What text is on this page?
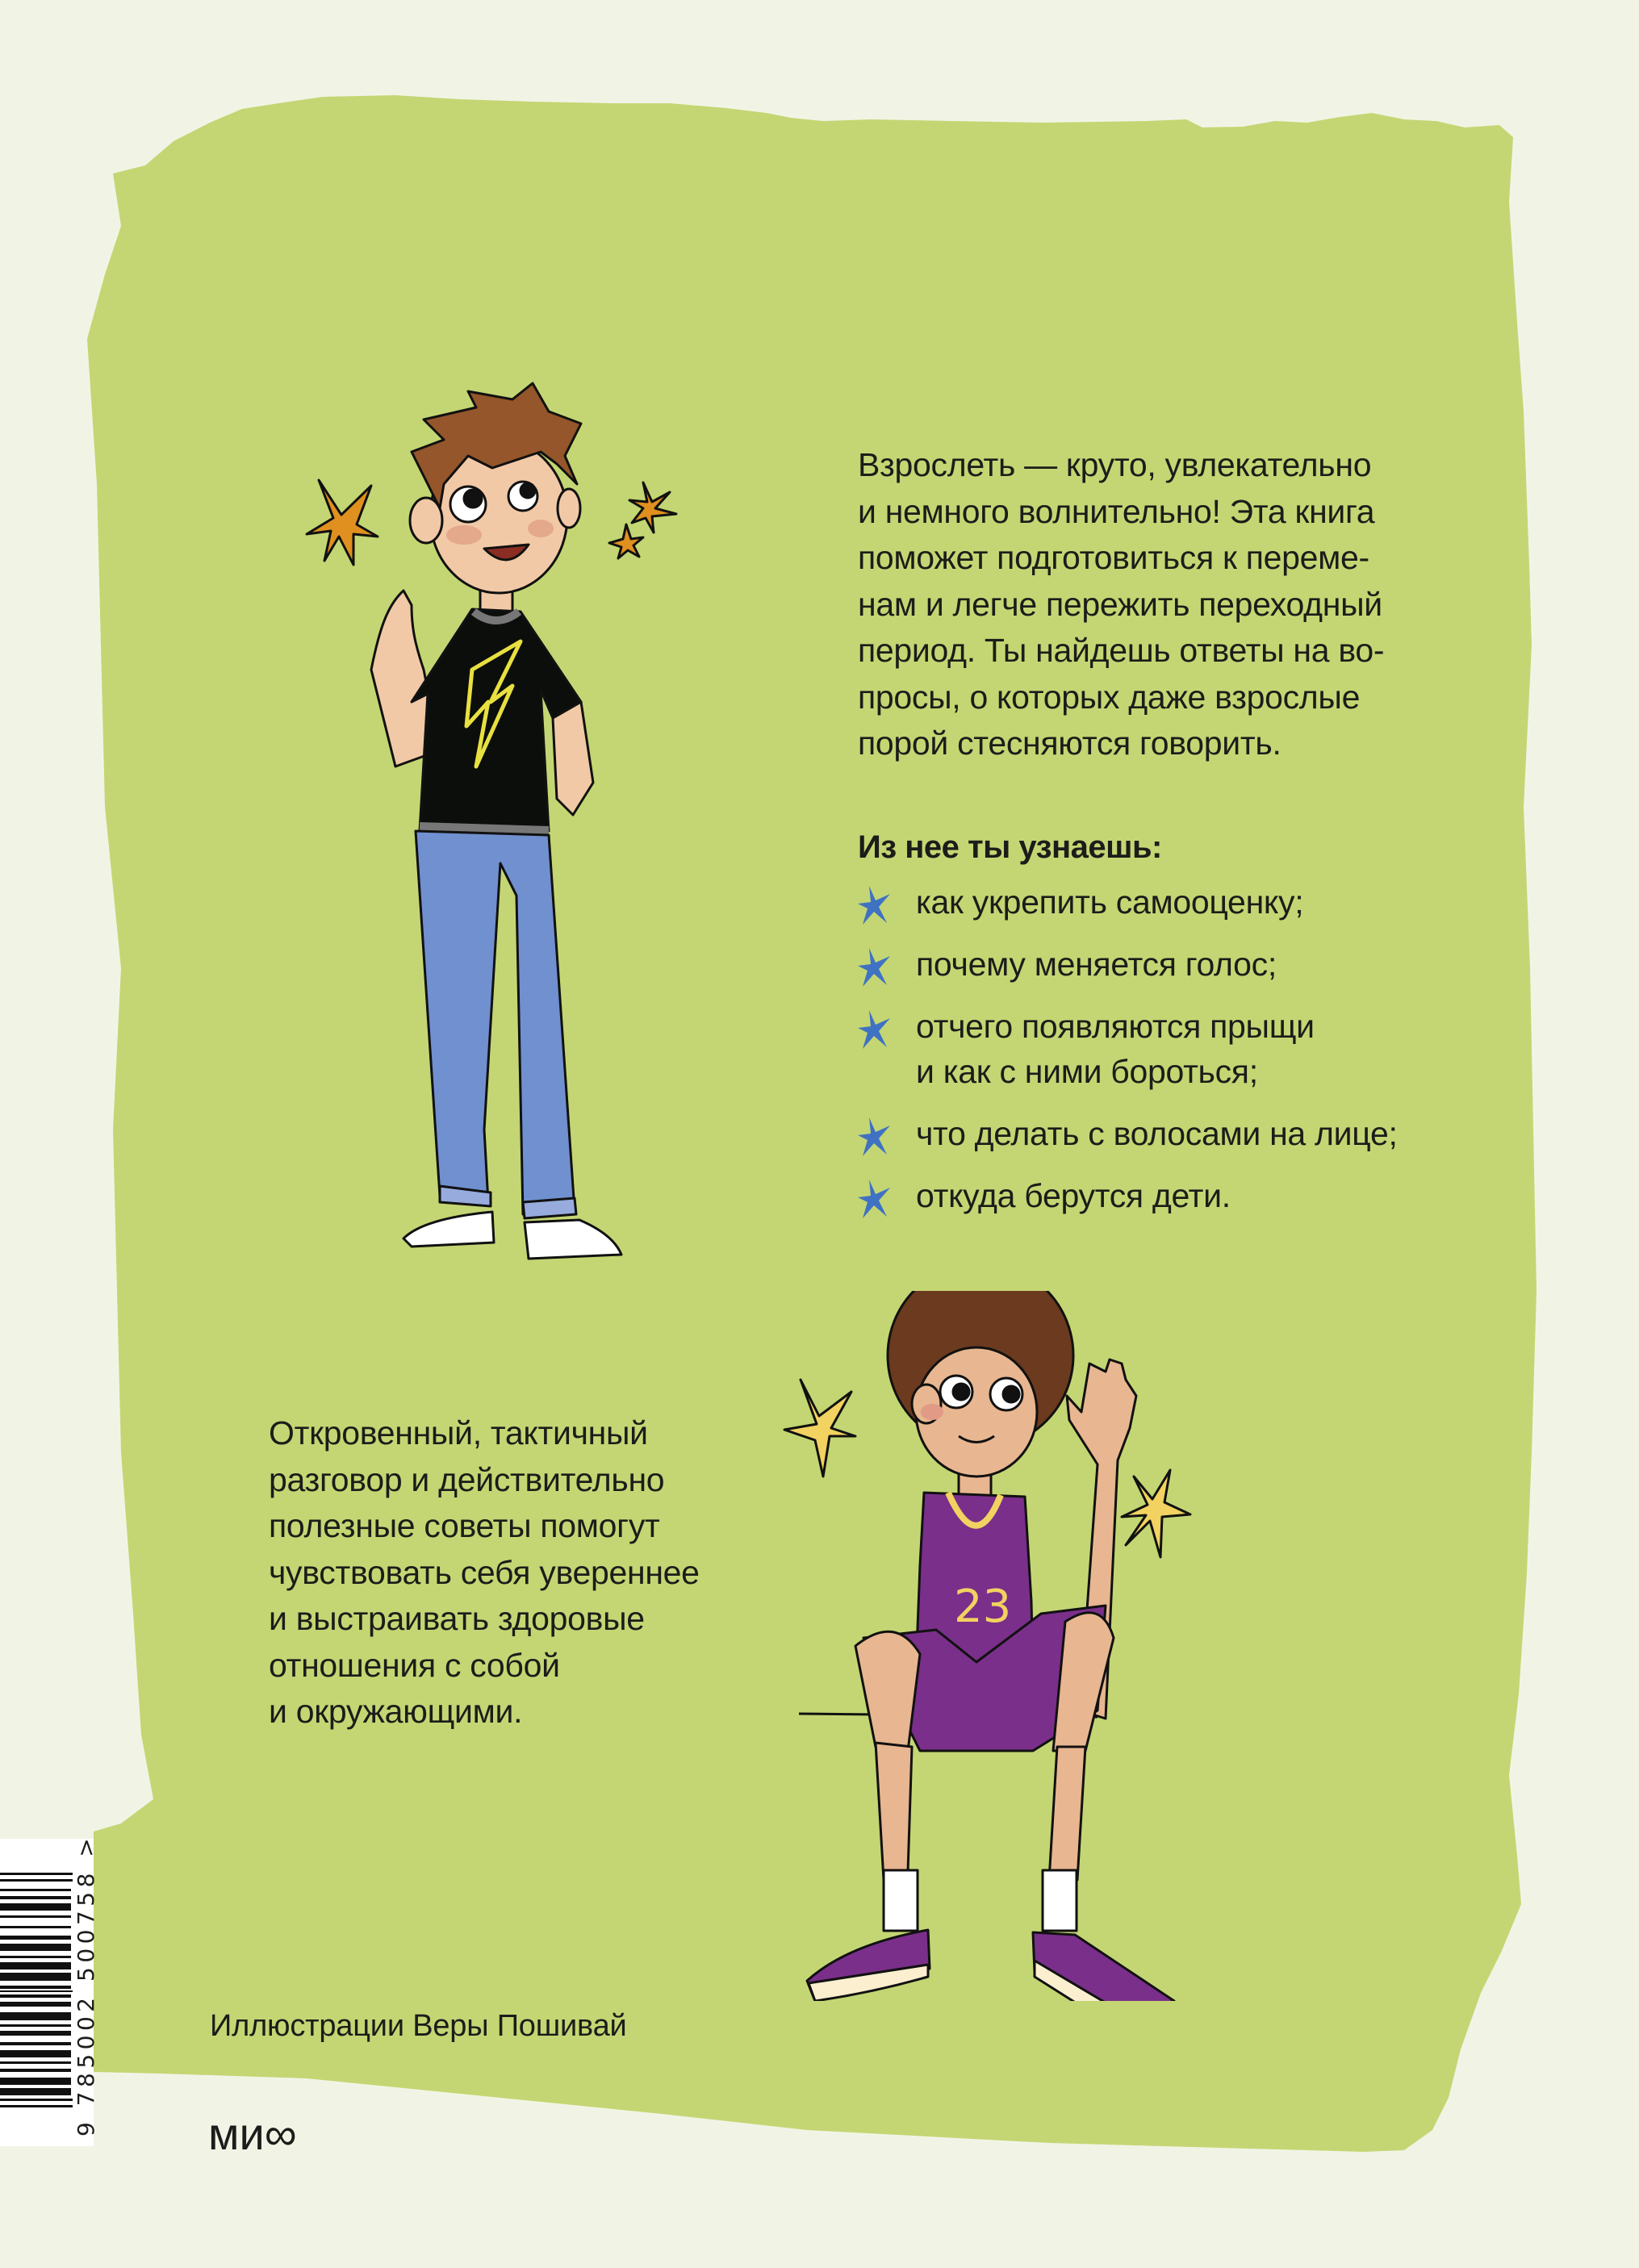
23
Взрослеть — круто, увлекательно
и немного волнительно! Эта книга
поможет подготовиться к переме-
нам и легче пережить переходный
период. Ты найдешь ответы на во-
просы, о которых даже взрослые
порой стесняются говорить.
Из нее ты узнаешь:
как укрепить самооценку;
почему меняется голос;
отчего появляются прыщи
и как с ними бороться;
что делать с волосами на лице;
откуда берутся дети.
Откровенный, тактичный
разговор и действительно
полезные советы помогут
чувствовать себя увереннее
и выстраивать здоровые
отношения с собой
и окружающими.
9 785002 500758 >	Иллюстрации Веры Пошивай
ми∞
